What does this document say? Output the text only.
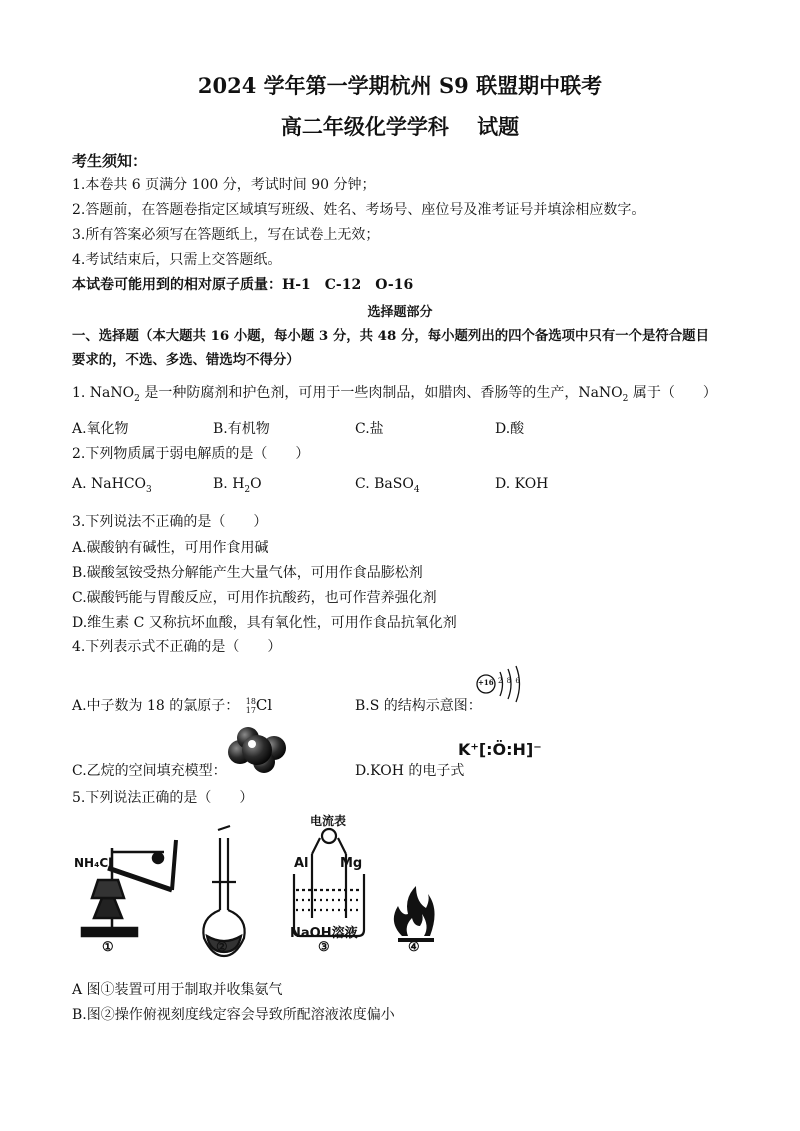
2024 学年第一学期杭州 S9 联盟期中联考
高二年级化学学科　 试题
考生须知：
1.本卷共 6 页满分 100 分，考试时间 90 分钟；
2.答题前，在答题卷指定区域填写班级、姓名、考场号、座位号及准考证号并填涂相应数字。
3.所有答案必须写在答题纸上，写在试卷上无效；
4.考试结束后，只需上交答题纸。
本试卷可能用到的相对原子质量：H-1　C-12　O-16
选择题部分
一、选择题（本大题共 16 小题，每小题 3 分，共 48 分，每小题列出的四个备选项中只有一个是符合题目
要求的，不选、多选、错选均不得分）
1. NaNO$_2$ 是一种防腐剂和护色剂，可用于一些肉制品，如腊肉、香肠等的生产，NaNO$_2$ 属于（　　）
A.氧化物	B.有机物	C.盐	D.酸
2.下列物质属于弱电解质的是（　　）
A. NaHCO$_3$	B. $H_2O$	C. BaSO$_4$	D. KOH
3.下列说法不正确的是（　　）
A.碳酸钠有碱性，可用作食用碱
B.碳酸氢铵受热分解能产生大量气体，可用作食品膨松剂
C.碳酸钙能与胃酸反应，可用作抗酸药，也可作营养强化剂
D.维生素 C 又称抗坏血酸，具有氧化性，可用作食品抗氧化剂
4.下列表示式不正确的是（　　）
A.中子数为 18 的氯原子： 18
17 Cl	B.S 的结构示意图：
+16 2 8 6
C.乙烷的空间填充模型：	D.KOH 的电子式
K⁺[:Ö:H]⁻
5.下列说法正确的是（　　）
NH₄Cl
电流表
Al Mg
NaOH溶液
①	②	③	④
A 图①装置可用于制取并收集氨气
B.图②操作俯视刻度线定容会导致所配溶液浓度偏小
